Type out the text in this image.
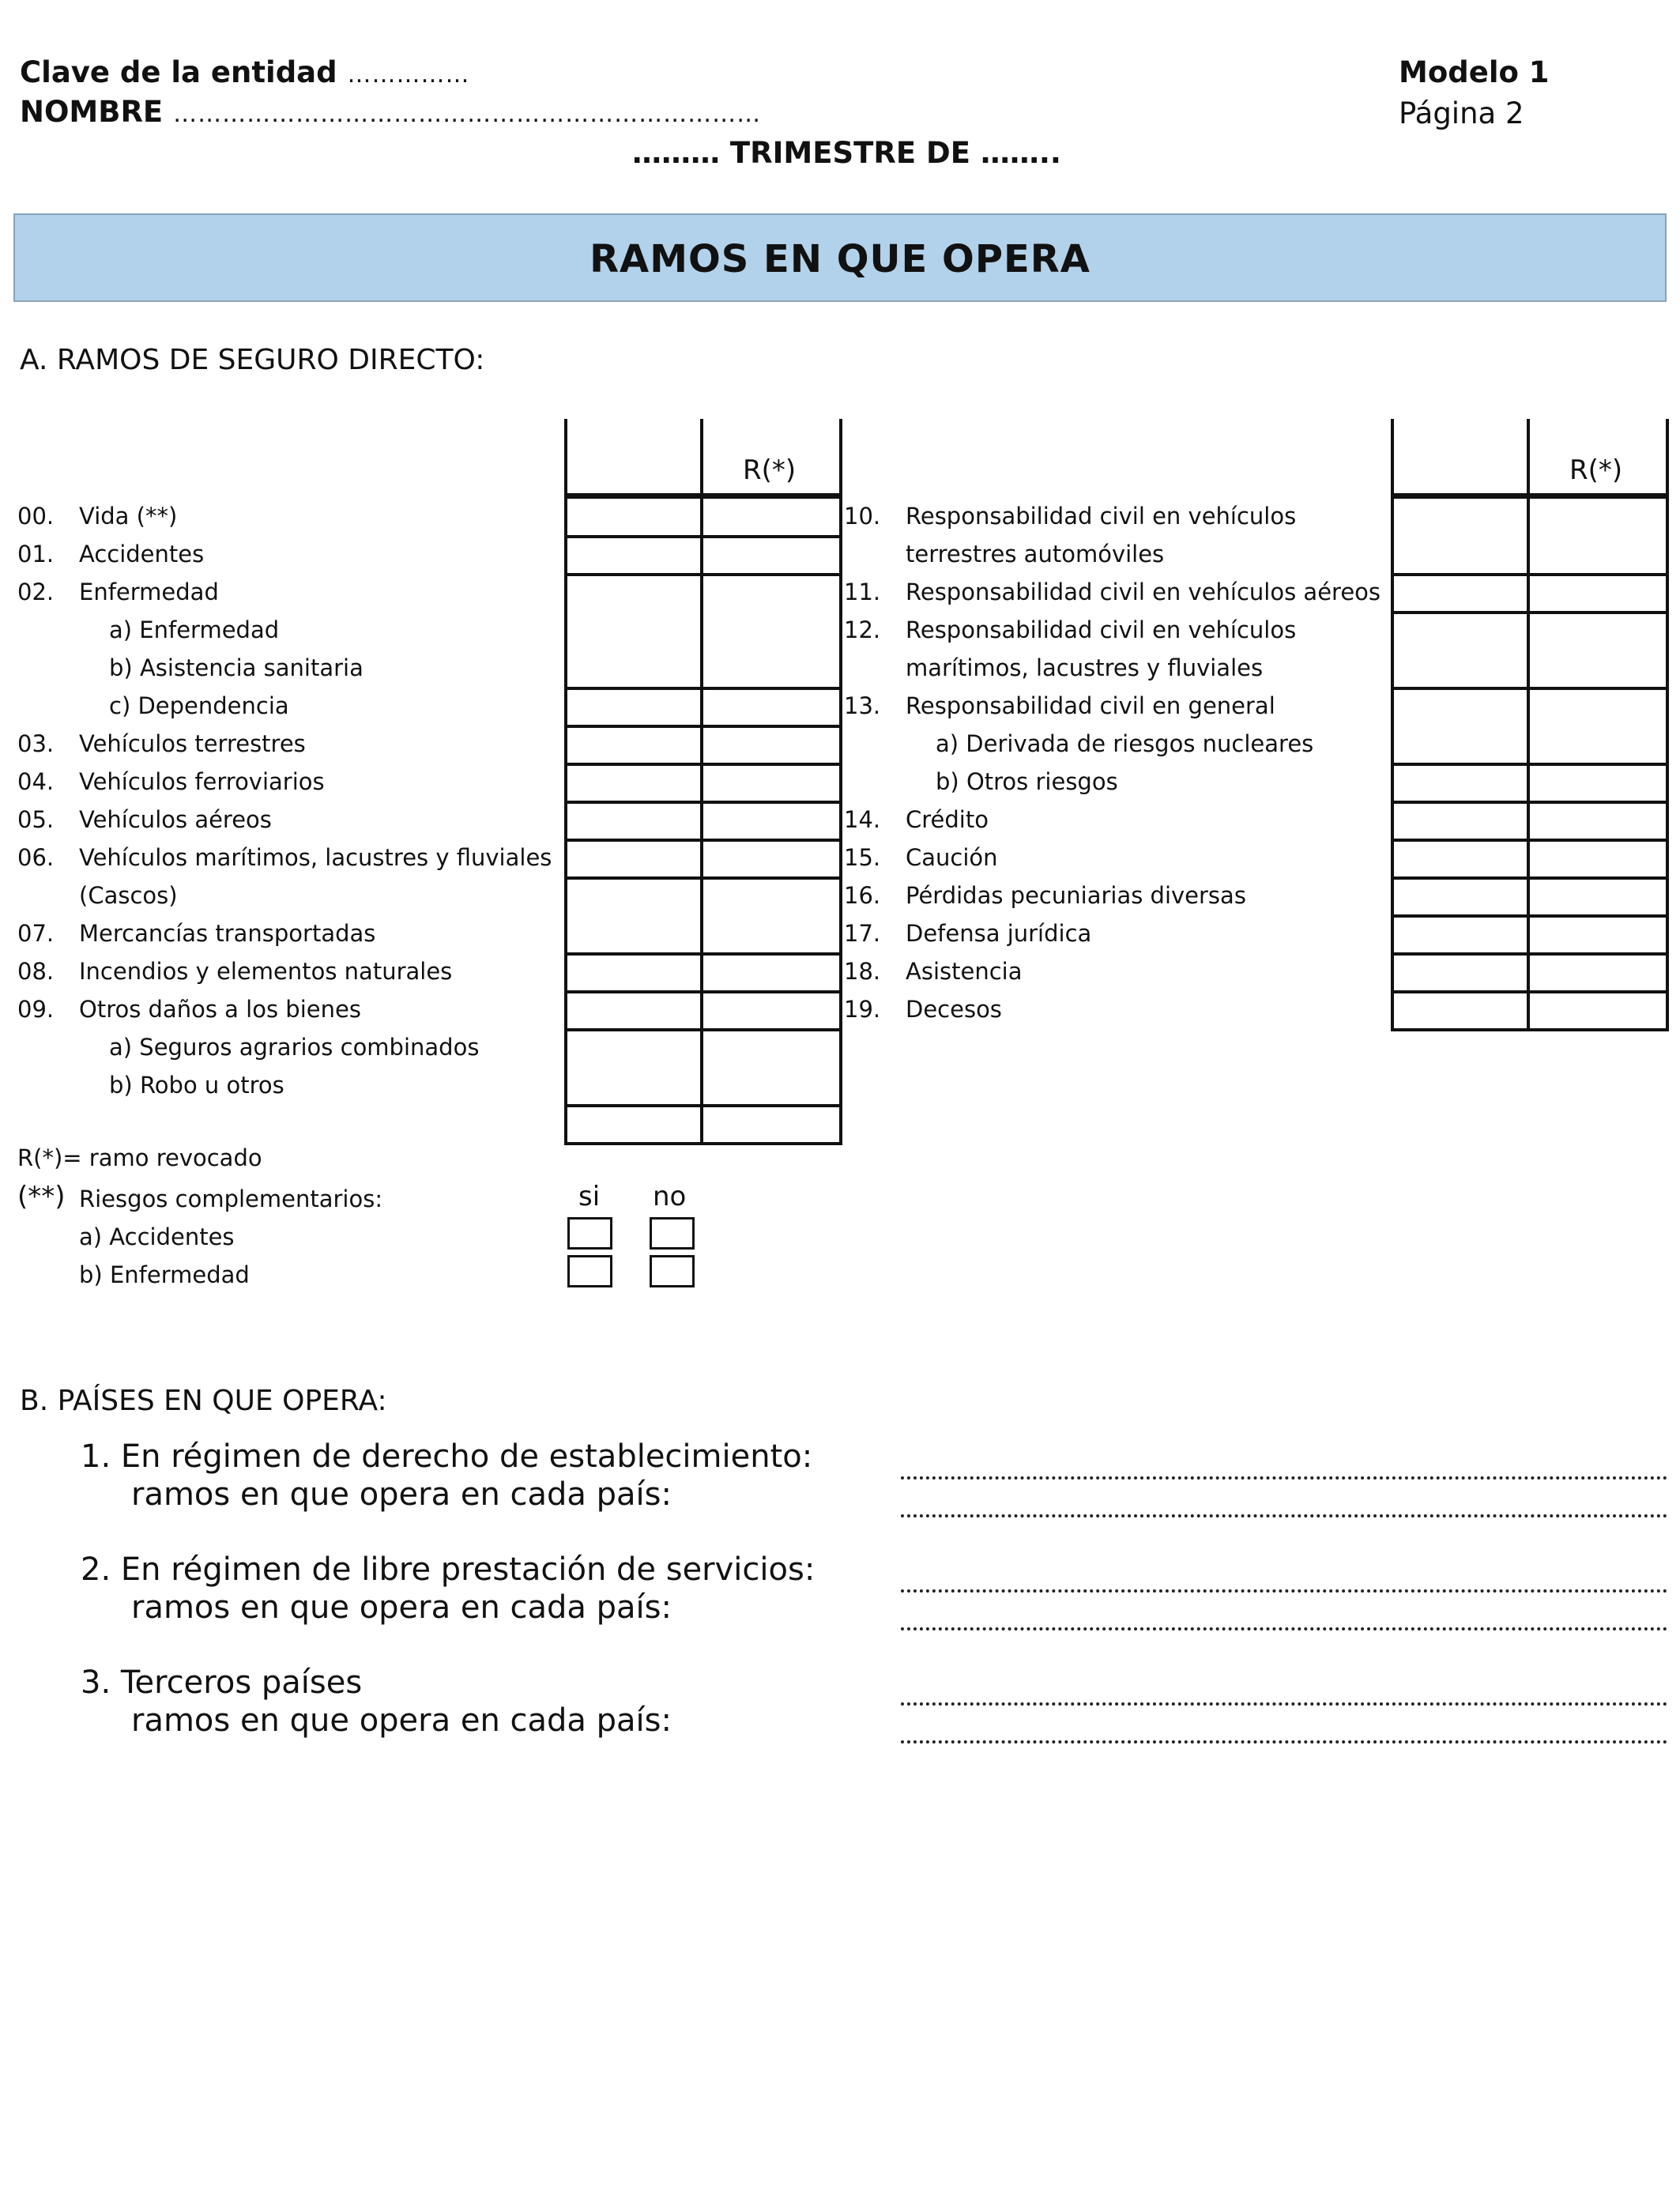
Clave de la entidad ……………
NOMBRE ………………………………………………………………
Modelo 1
Página 2
……… TRIMESTRE DE ……..
RAMOS EN QUE OPERA
A. RAMOS DE SEGURO DIRECTO:
00. Vida (**)
01. Accidentes
02. Enfermedad
a) Enfermedad
b) Asistencia sanitaria
c) Dependencia
03. Vehículos terrestres
04. Vehículos ferroviarios
05. Vehículos aéreos
06. Vehículos marítimos, lacustres y fluviales
(Cascos)
07. Mercancías transportadas
08. Incendios y elementos naturales
09. Otros daños a los bienes
a) Seguros agrarios combinados
b) Robo u otros
10. Responsabilidad civil en vehículos
terrestres automóviles
11. Responsabilidad civil en vehículos aéreos
12. Responsabilidad civil en vehículos
marítimos, lacustres y fluviales
13. Responsabilidad civil en general
a) Derivada de riesgos nucleares
b) Otros riesgos
14. Crédito
15. Caución
16. Pérdidas pecuniarias diversas
17. Defensa jurídica
18. Asistencia
19. Decesos
R(*)	R(*)
R(*)= ramo revocado
(**) Riesgos complementarios:	si no
a) Accidentes
b) Enfermedad
B. PAÍSES EN QUE OPERA:
1. En régimen de derecho de establecimiento:
ramos en que opera en cada país:
2. En régimen de libre prestación de servicios:
ramos en que opera en cada país:
3. Terceros países
ramos en que opera en cada país:
